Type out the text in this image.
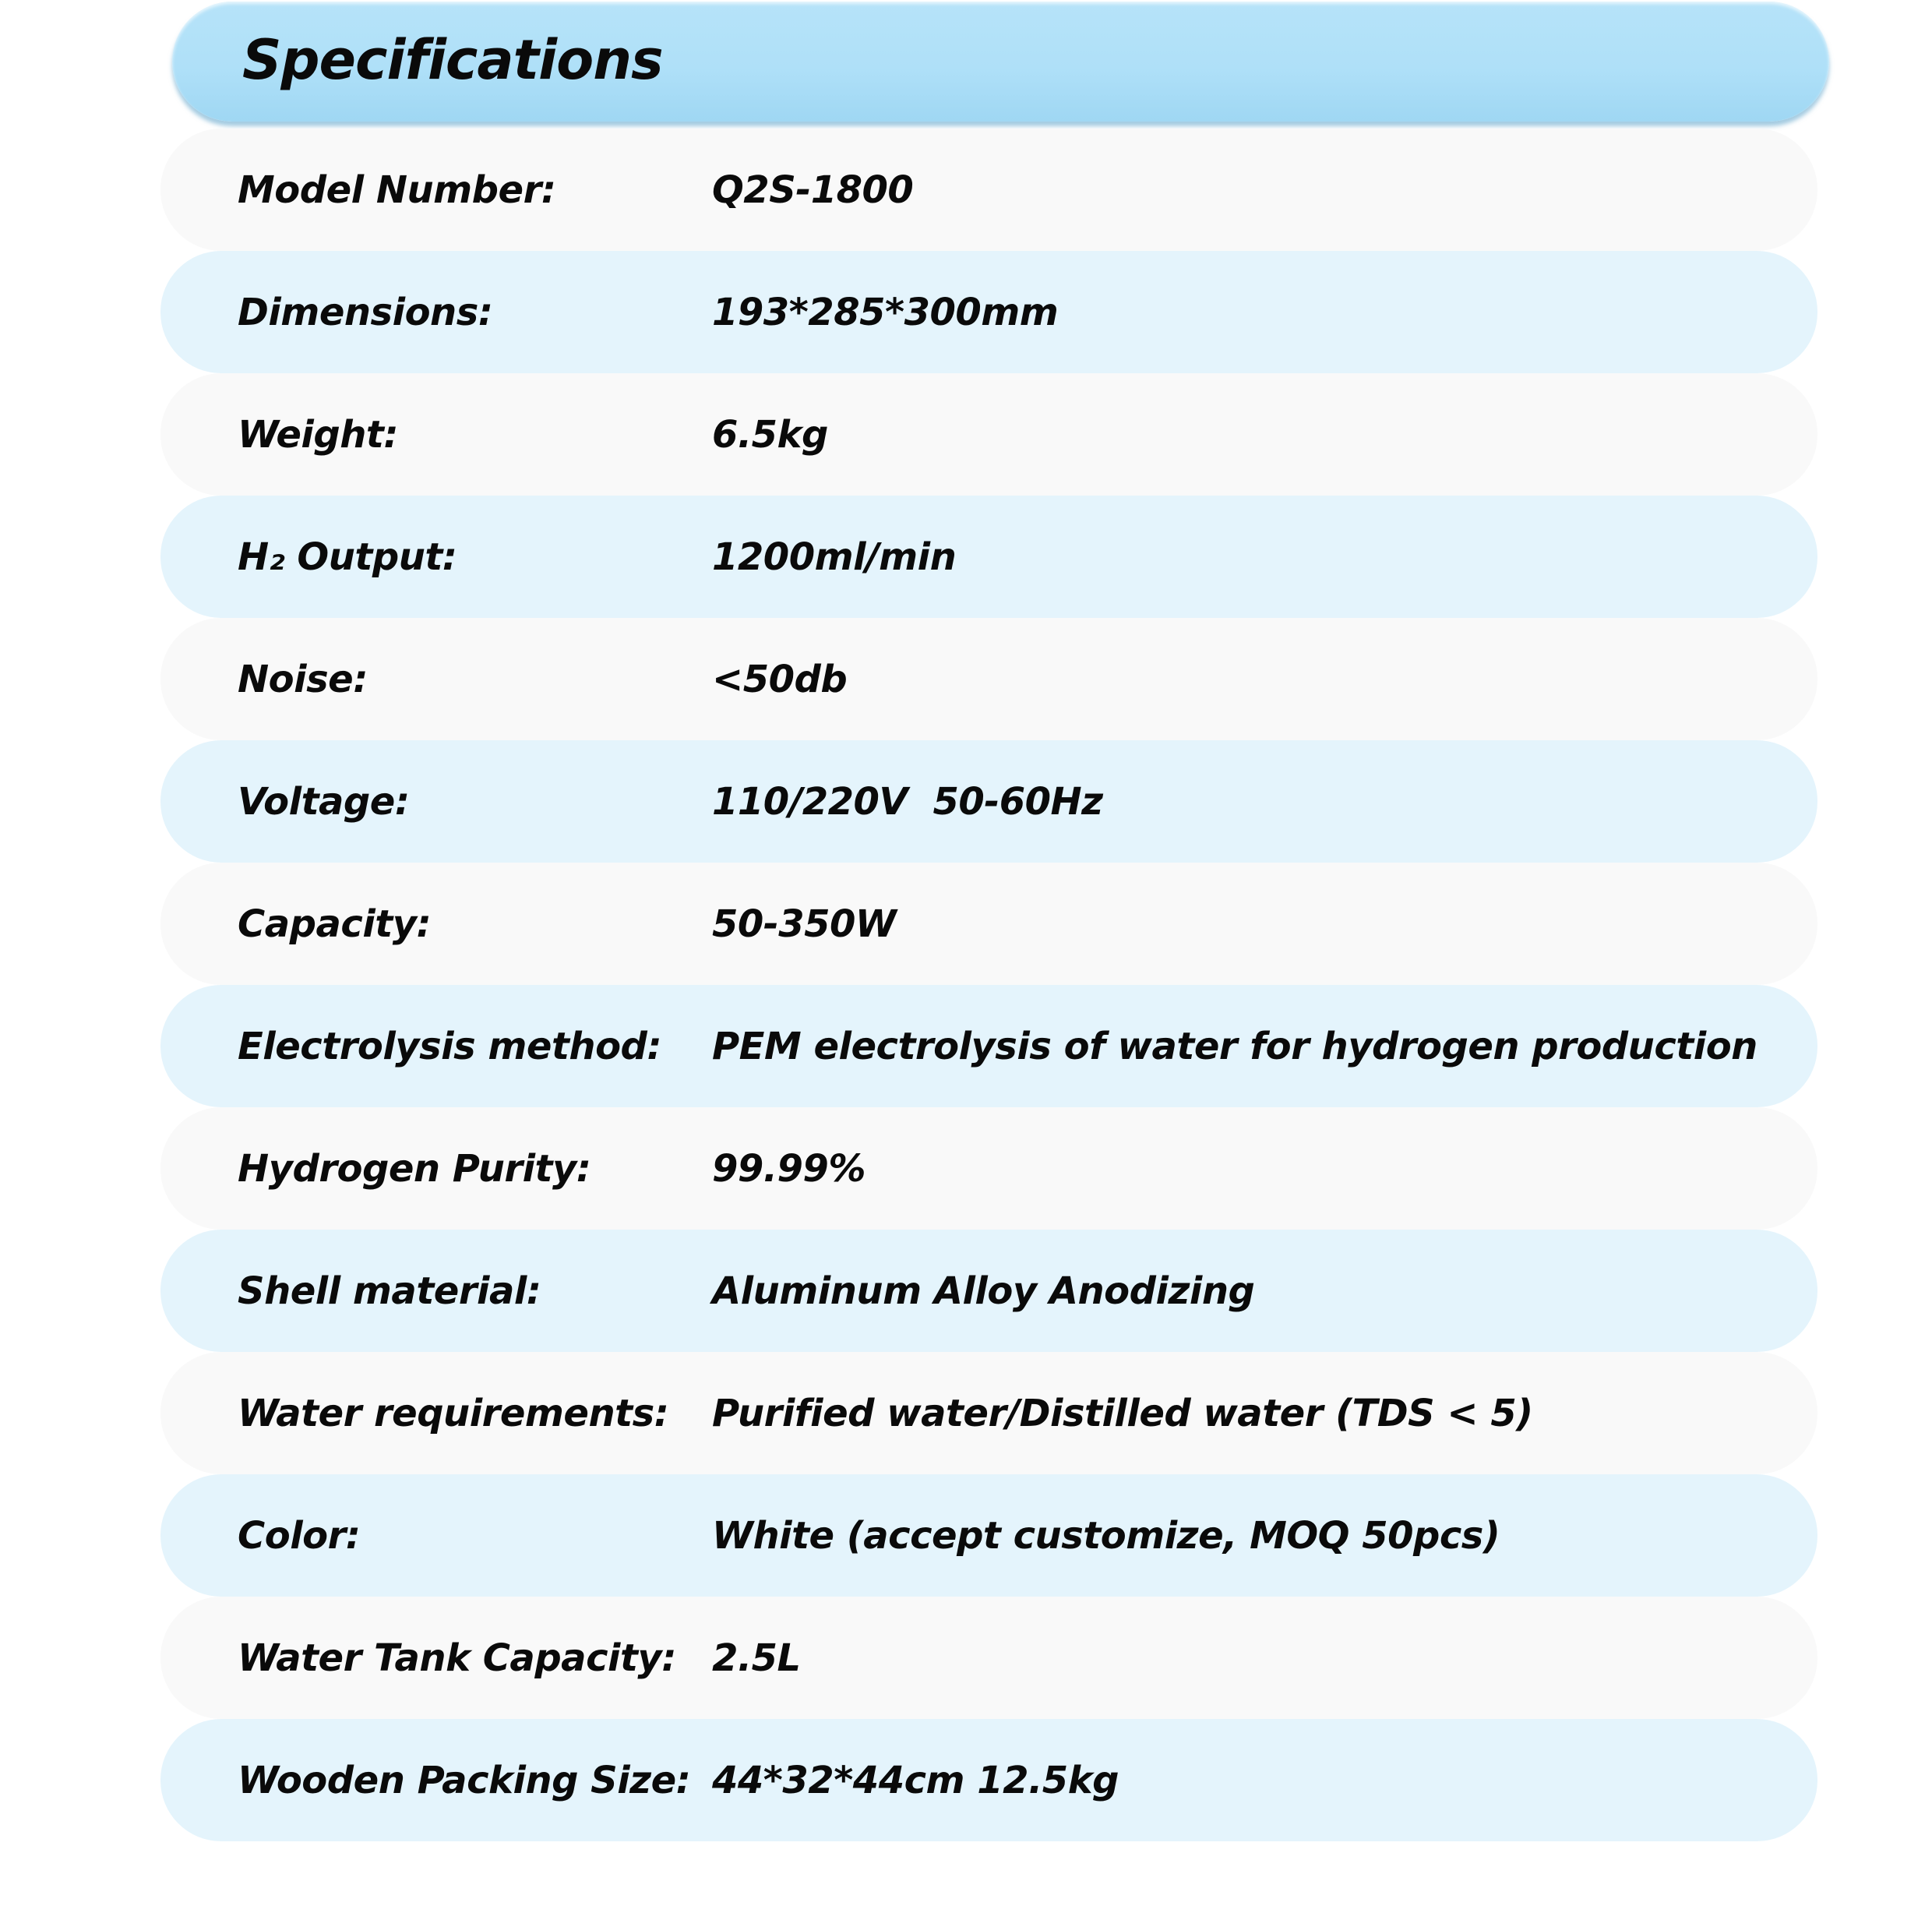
Specifications
Model Number:	Q2S-1800
Dimensions:	193*285*300mm
Weight:	6.5kg
H₂ Output:	1200ml/min
Noise:	<50db
Voltage:	110/220V  50-60Hz
Capacity:	50-350W
Electrolysis method: PEM electrolysis of water for hydrogen production
Hydrogen Purity:	99.99%
Shell material:	Aluminum Alloy Anodizing
Water requirements: Purified water/Distilled water (TDS < 5)
Color:	White (accept customize, MOQ 50pcs)
Water Tank Capacity: 2.5L
Wooden Packing Size: 44*32*44cm 12.5kg
